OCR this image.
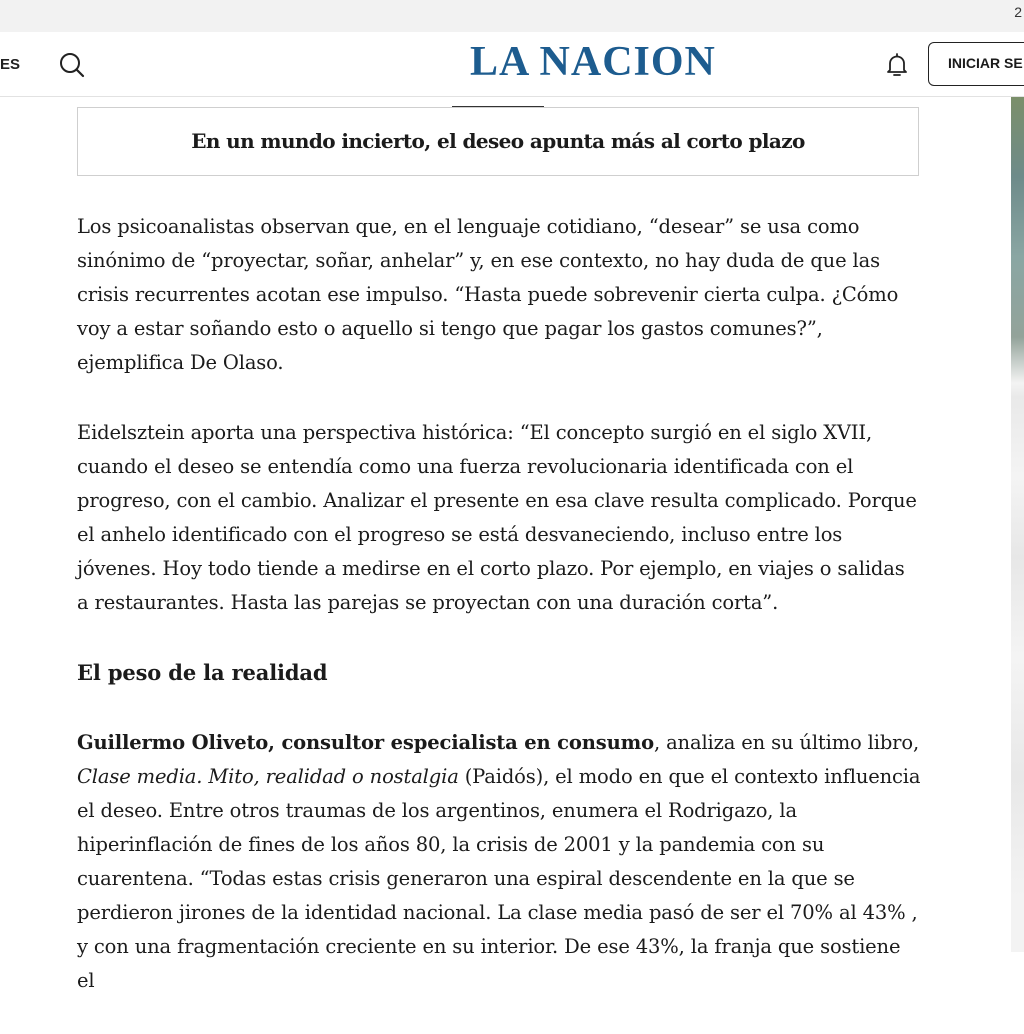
2
ES	LA NACION	INICIAR SE
En un mundo incierto, el deseo apunta más al corto plazo

Los psicoanalistas observan que, en el lenguaje cotidiano, “desear” se usa como sinónimo de “proyectar, soñar, anhelar” y, en ese contexto, no hay duda de que las crisis recurrentes acotan ese impulso. “Hasta puede sobrevenir cierta culpa. ¿Cómo voy a estar soñando esto o aquello si tengo que pagar los gastos comunes?”, ejemplifica De Olaso.

Eidelsztein aporta una perspectiva histórica: “El concepto surgió en el siglo XVII, cuando el deseo se entendía como una fuerza revolucionaria identificada con el progreso, con el cambio. Analizar el presente en esa clave resulta complicado. Porque el anhelo identificado con el progreso se está desvaneciendo, incluso entre los jóvenes. Hoy todo tiende a medirse en el corto plazo. Por ejemplo, en viajes o salidas a restaurantes. Hasta las parejas se proyectan con una duración corta”.

El peso de la realidad

Guillermo Oliveto, consultor especialista en consumo, analiza en su último libro, Clase media. Mito, realidad o nostalgia (Paidós), el modo en que el contexto influencia el deseo. Entre otros traumas de los argentinos, enumera el Rodrigazo, la hiperinflación de fines de los años 80, la crisis de 2001 y la pandemia con su cuarentena. “Todas estas crisis generaron una espiral descendente en la que se perdieron jirones de la identidad nacional. La clase media pasó de ser el 70% al 43% , y con una fragmentación creciente en su interior. De ese 43%, la franja que sostiene el
